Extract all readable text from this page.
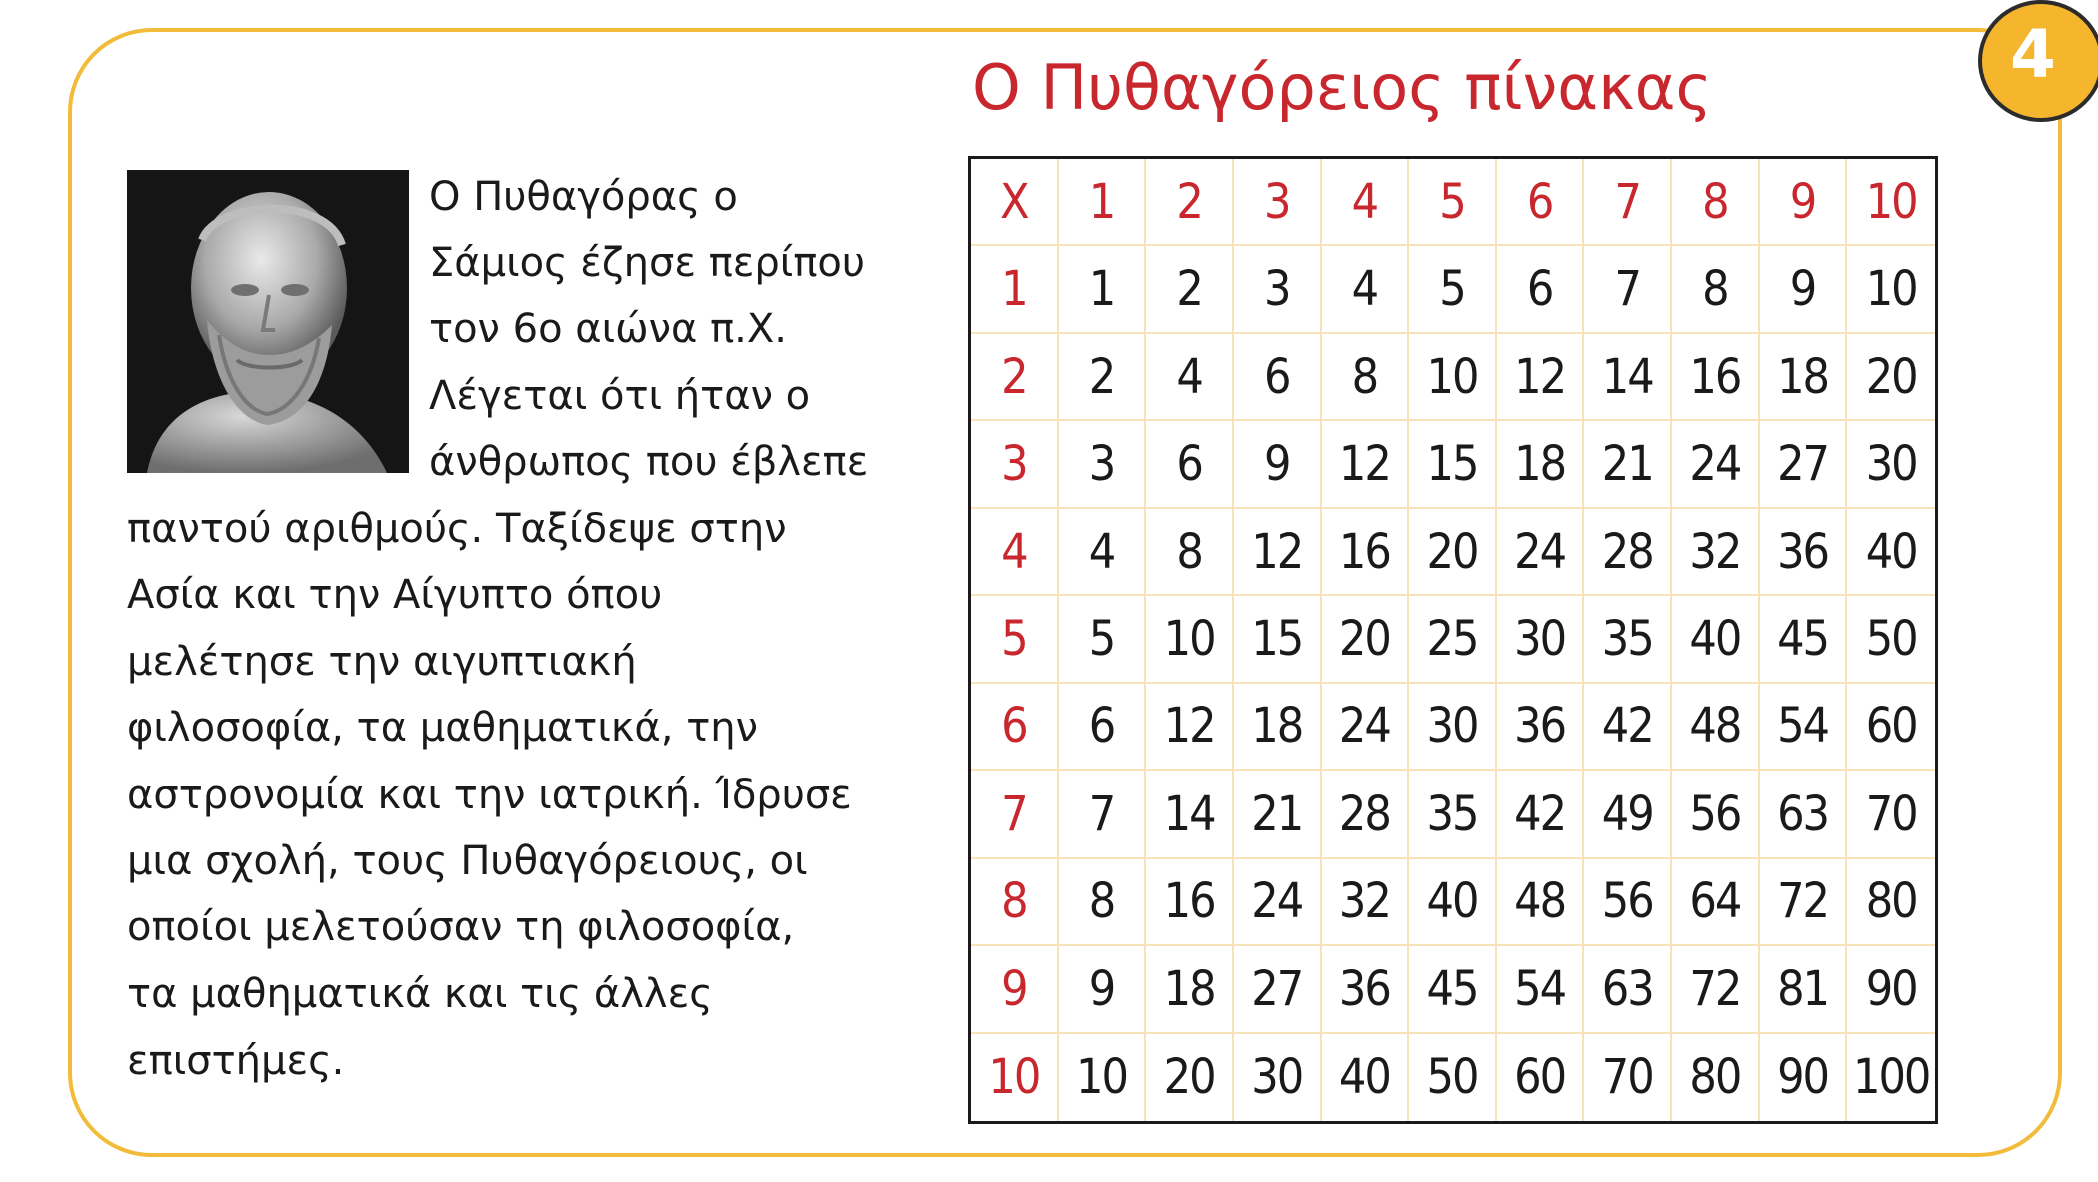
4
Ο Πυθαγόρειος πίνακας

Ο Πυθαγόρας ο

Σάμιος έζησε περίπου

τον 6ο αιώνα π.Χ.

Λέγεται ότι ήταν ο

άνθρωπος που έβλεπε

παντού αριθμούς. Ταξίδεψε στην

Ασία και την Αίγυπτο όπου

μελέτησε την αιγυπτιακή

φιλοσοφία, τα μαθηματικά, την

αστρονομία και την ιατρική. Ίδρυσε

μια σχολή, τους Πυθαγόρειους, οι

οποίοι μελετούσαν τη φιλοσοφία,

τα μαθηματικά και τις άλλες

επιστήμες.

X	1	2	3	4	5	6	7	8	9	10
1	1	2	3	4	5	6	7	8	9	10
2	2	4	6	8	10 12 14 16 18 20
3	3	6	9	12 15 18 21 24 27 30
4	4	8	12 16 20 24 28 32 36 40
5	5	10 15 20 25 30 35 40 45 50
6	6	12 18 24 30 36 42 48 54 60
7	7	14 21 28 35 42 49 56 63 70
8	8	16 24 32 40 48 56 64 72 80
9	9	18 27 36 45 54 63 72 81 90
10 10 20 30 40 50 60 70 80 90 100
